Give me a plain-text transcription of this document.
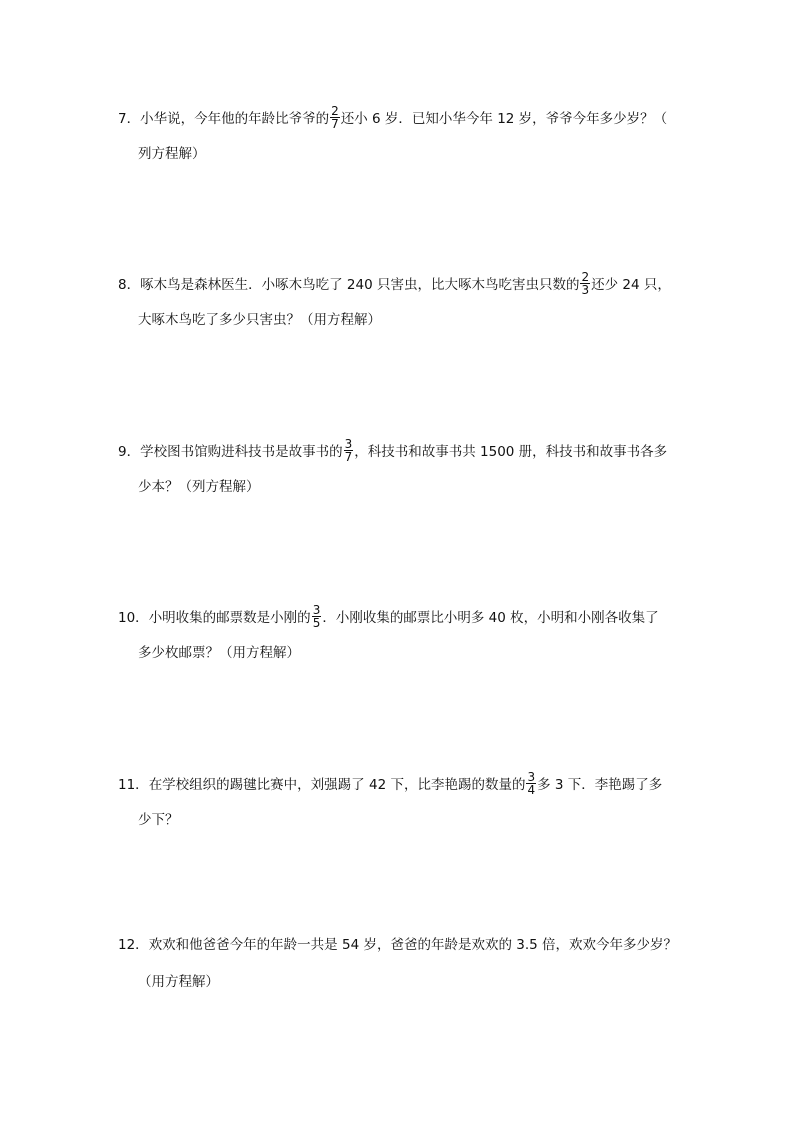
7．小华说，今年他的年龄比爷爷的 $\frac{2}{7}$ 还小 6 岁．已知小华今年 12 岁，爷爷今年多少岁？（
列方程解）
8．啄木鸟是森林医生．小啄木鸟吃了 240 只害虫，比大啄木鸟吃害虫只数的 $\frac{2}{3}$ 还少 24 只，
大啄木鸟吃了多少只害虫？（用方程解）
9．学校图书馆购进科技书是故事书的 $\frac{3}{7}$ ，科技书和故事书共 1500 册，科技书和故事书各多
少本？（列方程解）
10．小明收集的邮票数是小刚的 $\frac{3}{5}$ ．小刚收集的邮票比小明多 40 枚，小明和小刚各收集了
多少枚邮票？（用方程解）
11．在学校组织的踢毽比赛中，刘强踢了 42 下，比李艳踢的数量的 $\frac{3}{4}$ 多 3 下．李艳踢了多
少下？
12．欢欢和他爸爸今年的年龄一共是 54 岁，爸爸的年龄是欢欢的 3.5 倍，欢欢今年多少岁？
（用方程解）
